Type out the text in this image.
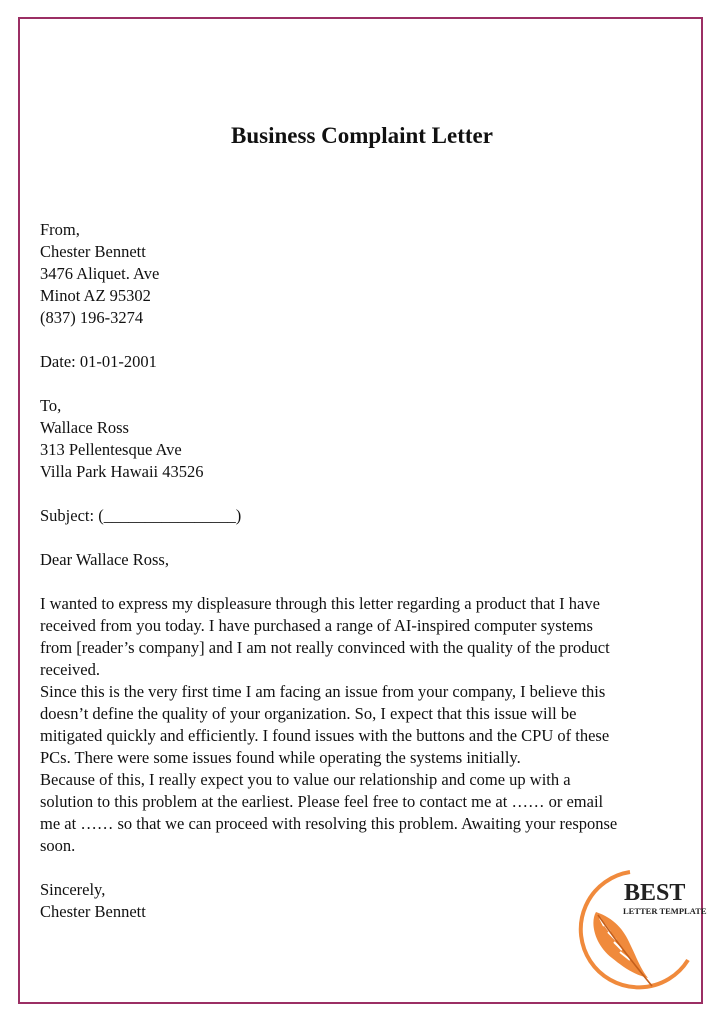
Business Complaint Letter
From,
Chester Bennett
3476 Aliquet. Ave
Minot AZ 95302
(837) 196-3274
Date: 01-01-2001
To,
Wallace Ross
313 Pellentesque Ave
Villa Park Hawaii 43526
Subject: (________________)
Dear Wallace Ross,
I wanted to express my displeasure through this letter regarding a product that I have
received from you today. I have purchased a range of AI-inspired computer systems
from [reader’s company] and I am not really convinced with the quality of the product
received.
Since this is the very first time I am facing an issue from your company, I believe this
doesn’t define the quality of your organization. So, I expect that this issue will be
mitigated quickly and efficiently. I found issues with the buttons and the CPU of these
PCs. There were some issues found while operating the systems initially.
Because of this, I really expect you to value our relationship and come up with a
solution to this problem at the earliest. Please feel free to contact me at …… or email
me at …… so that we can proceed with resolving this problem. Awaiting your response
soon.
Sincerely,
Chester Bennett
BEST
LETTER TEMPLATE
